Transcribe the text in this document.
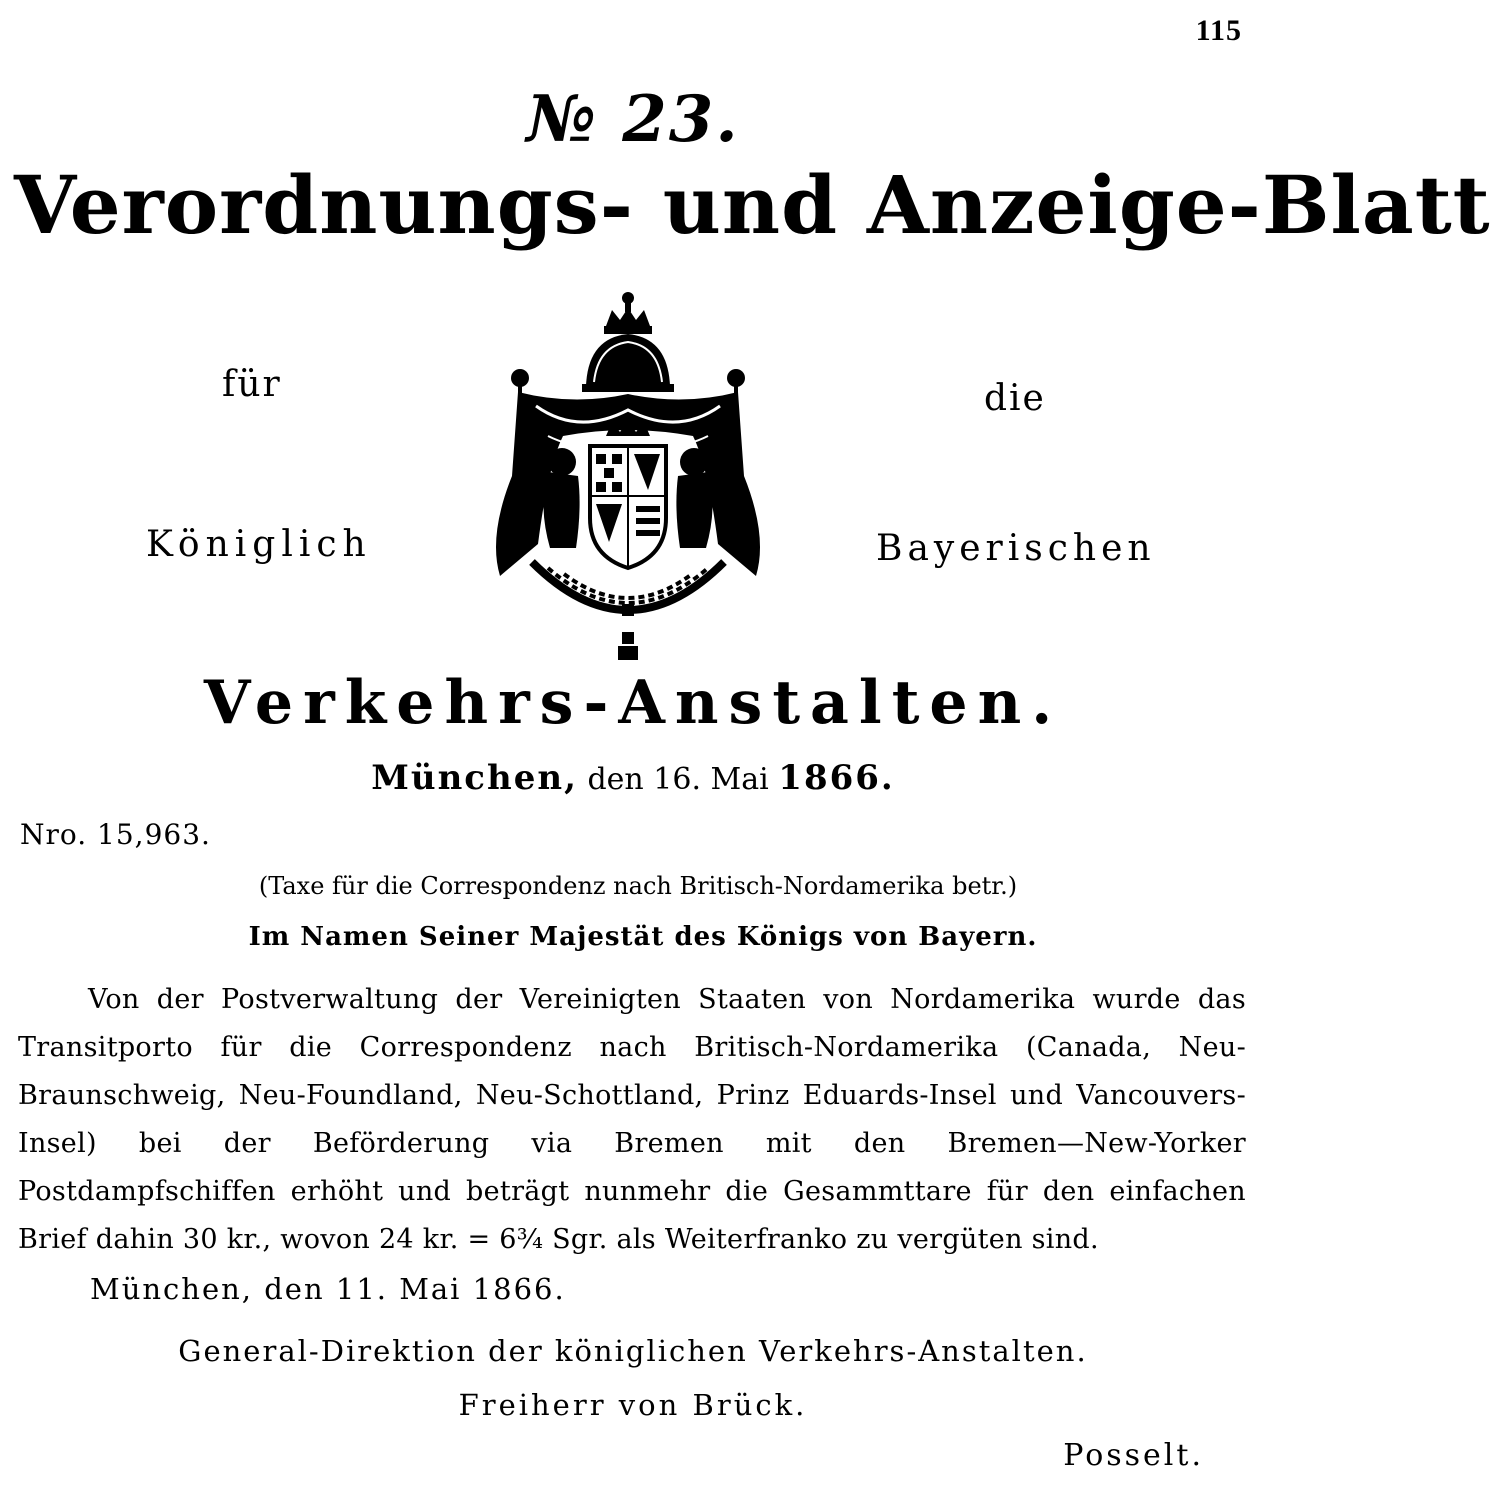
115
№ 23.
Verordnungs- und Anzeige-Blatt
für	die
Königlich	Bayerischen
Verkehrs-Anstalten.
München, den 16. Mai 1866.
Nro. 15,963.
(Taxe für die Correspondenz nach Britisch-Nordamerika betr.)
Im Namen Seiner Majestät des Königs von Bayern.
Von der Postverwaltung der Vereinigten Staaten von Nordamerika wurde das Transitporto für die Correspondenz nach Britisch-Nordamerika (Canada, Neu-Braunschweig, Neu-Foundland, Neu-Schottland, Prinz Eduards-Insel und Vancouvers-Insel) bei der Beförderung via Bremen mit den Bremen—New-Yorker Postdampfschiffen erhöht und beträgt nunmehr die Gesammttare für den einfachen Brief dahin 30 kr., wovon 24 kr. = 6¾ Sgr. als Weiterfranko zu vergüten sind.
München, den 11. Mai 1866.
General-Direktion der königlichen Verkehrs-Anstalten.
Freiherr von Brück.
Posselt.
